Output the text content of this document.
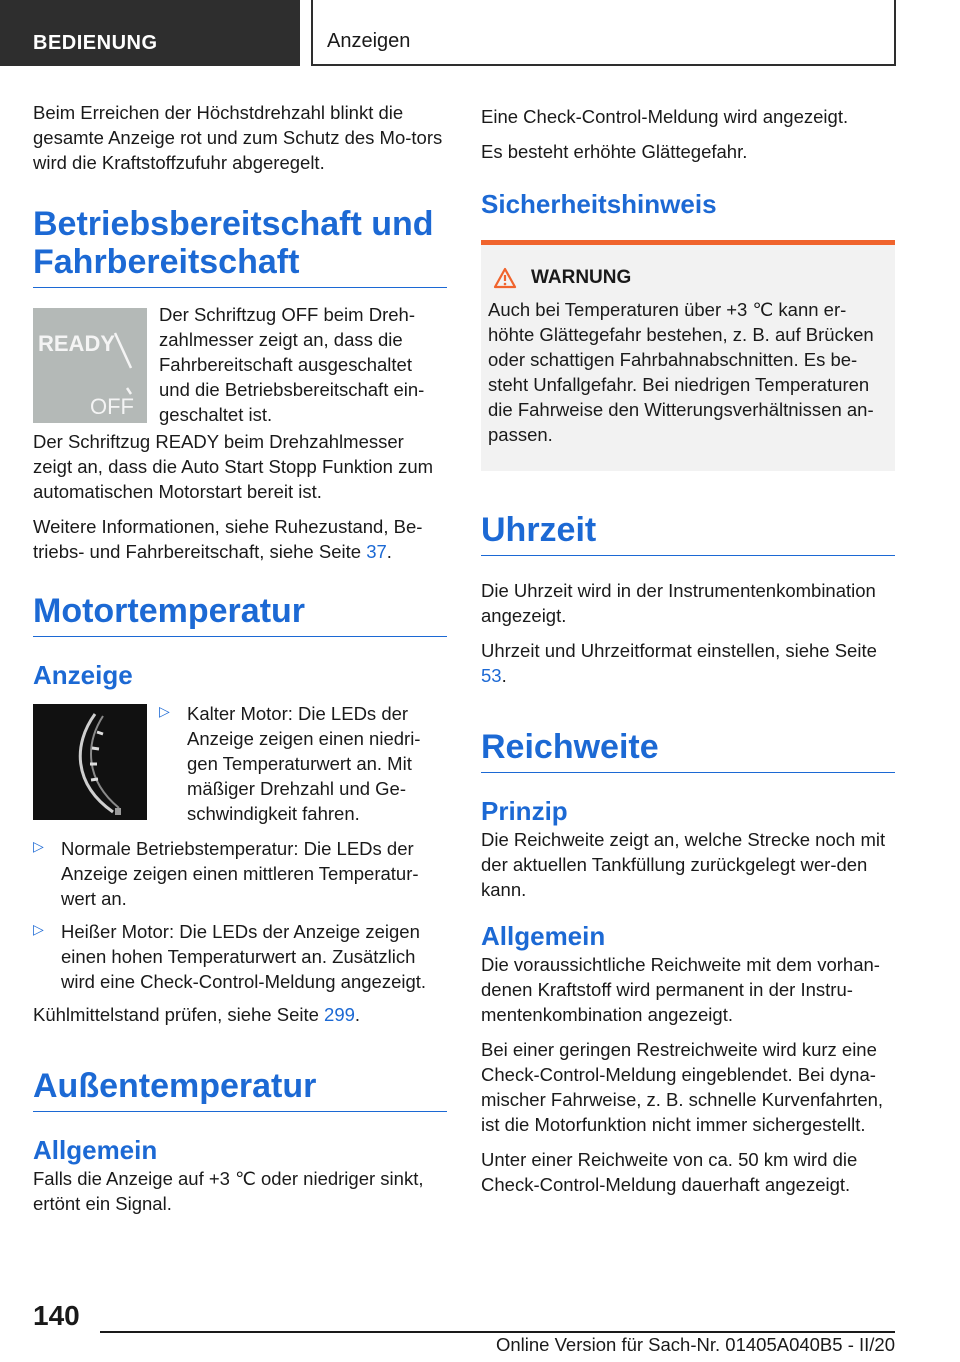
BEDIENUNG	Anzeigen

Beim Erreichen der Höchstdrehzahl blinkt die gesamte Anzeige rot und zum Schutz des Mo-tors wird die Kraftstoffzufuhr abgeregelt.

Betriebsbereitschaft und Fahrbereitschaft
READY
OFF

Der Schriftzug OFF beim Dreh-zahlmesser zeigt an, dass die Fahrbereitschaft ausgeschaltet und die Betriebsbereitschaft ein-geschaltet ist.

Der Schriftzug READY beim Drehzahlmesser zeigt an, dass die Auto Start Stopp Funktion zum automatischen Motorstart bereit ist.

Weitere Informationen, siehe Ruhezustand, Be-triebs- und Fahrbereitschaft, siehe Seite 37.

Motortemperatur
Anzeige
▷ Kalter Motor: Die LEDs der Anzeige zeigen einen niedri-gen Temperaturwert an. Mit mäßiger Drehzahl und Ge-schwindigkeit fahren.

▷ Normale Betriebstemperatur: Die LEDs der Anzeige zeigen einen mittleren Temperatur-wert an.

▷ Heißer Motor: Die LEDs der Anzeige zeigen einen hohen Temperaturwert an. Zusätzlich wird eine Check-Control-Meldung angezeigt.

Kühlmittelstand prüfen, siehe Seite 299.

Außentemperatur
Allgemein

Falls die Anzeige auf +3 ℃ oder niedriger sinkt, ertönt ein Signal.

Eine Check-Control-Meldung wird angezeigt.

Es besteht erhöhte Glättegefahr.

Sicherheitshinweis
WARNUNG

Auch bei Temperaturen über +3 ℃ kann er-höhte Glättegefahr bestehen, z. B. auf Brücken oder schattigen Fahrbahnabschnitten. Es be-steht Unfallgefahr. Bei niedrigen Temperaturen die Fahrweise den Witterungsverhältnissen an-passen.

Uhrzeit

Die Uhrzeit wird in der Instrumentenkombination angezeigt.

Uhrzeit und Uhrzeitformat einstellen, siehe Seite 53.

Reichweite
Prinzip

Die Reichweite zeigt an, welche Strecke noch mit der aktuellen Tankfüllung zurückgelegt wer-den kann.

Allgemein

Die voraussichtliche Reichweite mit dem vorhan-denen Kraftstoff wird permanent in der Instru-mentenkombination angezeigt.

Bei einer geringen Restreichweite wird kurz eine Check-Control-Meldung eingeblendet. Bei dyna-mischer Fahrweise, z. B. schnelle Kurvenfahrten, ist die Motorfunktion nicht immer sichergestellt.

Unter einer Reichweite von ca. 50 km wird die Check-Control-Meldung dauerhaft angezeigt.

140
Online Version für Sach-Nr. 01405A040B5 - II/20
